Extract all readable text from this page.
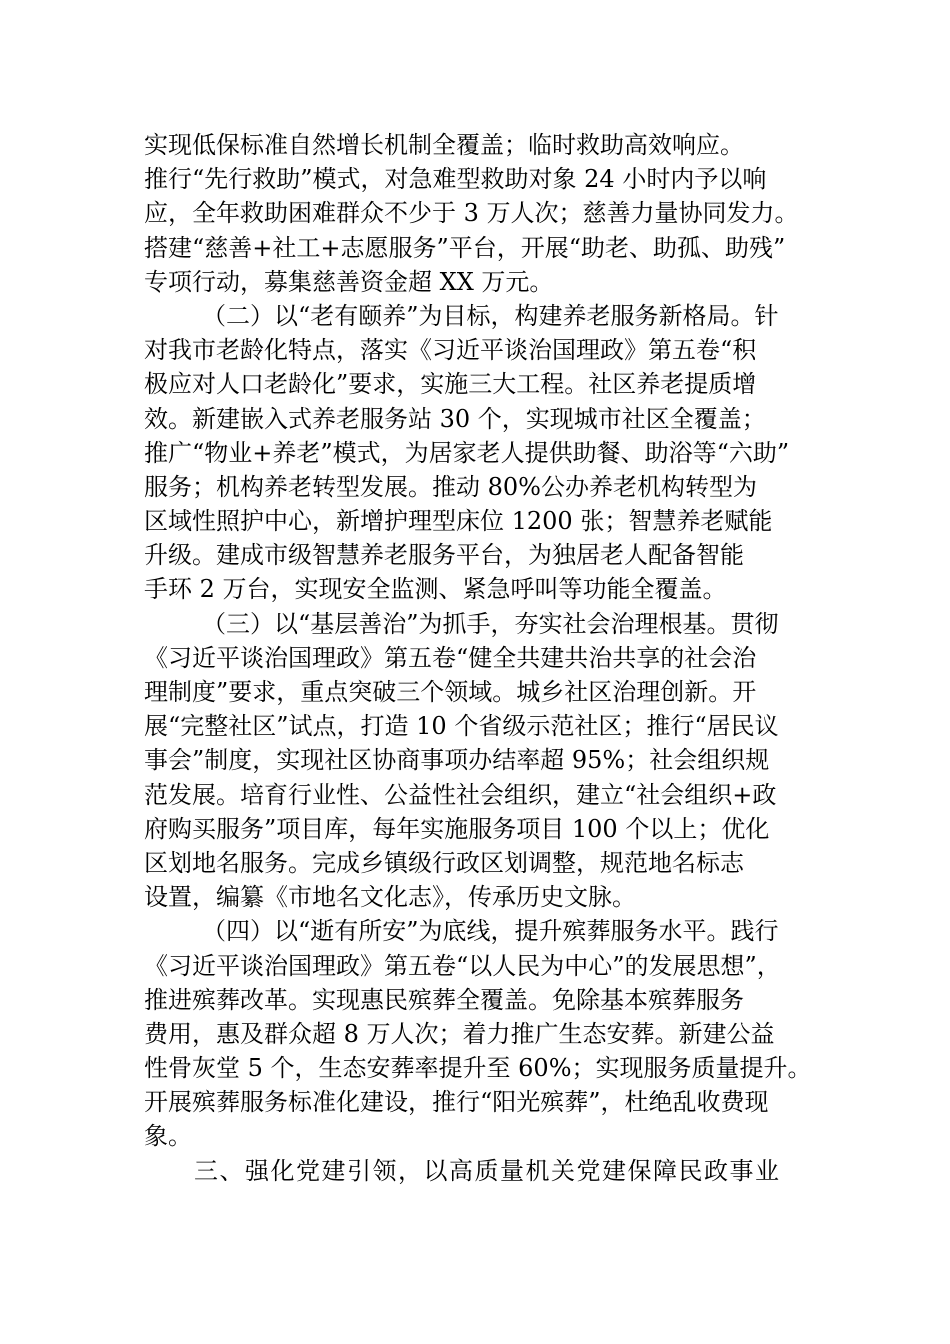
实现低保标准自然增长机制全覆盖；临时救助高效响应。
推行“先行救助”模式，对急难型救助对象 24 小时内予以响
应，全年救助困难群众不少于 3 万人次；慈善力量协同发力。
搭建“慈善+社工+志愿服务”平台，开展“助老、助孤、助残”
专项行动，募集慈善资金超 XX 万元。
（二）以“老有颐养”为目标，构建养老服务新格局。针
对我市老龄化特点，落实《习近平谈治国理政》第五卷“积
极应对人口老龄化”要求，实施三大工程。社区养老提质增
效。新建嵌入式养老服务站 30 个，实现城市社区全覆盖；
推广“物业+养老”模式，为居家老人提供助餐、助浴等“六助”
服务；机构养老转型发展。推动 80%公办养老机构转型为
区域性照护中心，新增护理型床位 1200 张；智慧养老赋能
升级。建成市级智慧养老服务平台，为独居老人配备智能
手环 2 万台，实现安全监测、紧急呼叫等功能全覆盖。
（三）以“基层善治”为抓手，夯实社会治理根基。贯彻
《习近平谈治国理政》第五卷“健全共建共治共享的社会治
理制度”要求，重点突破三个领域。城乡社区治理创新。开
展“完整社区”试点，打造 10 个省级示范社区；推行“居民议
事会”制度，实现社区协商事项办结率超 95%；社会组织规
范发展。培育行业性、公益性社会组织，建立“社会组织+政
府购买服务”项目库，每年实施服务项目 100 个以上；优化
区划地名服务。完成乡镇级行政区划调整，规范地名标志
设置，编纂《市地名文化志》，传承历史文脉。
（四）以“逝有所安”为底线，提升殡葬服务水平。践行
《习近平谈治国理政》第五卷“以人民为中心”的发展思想”，
推进殡葬改革。实现惠民殡葬全覆盖。免除基本殡葬服务
费用，惠及群众超 8 万人次；着力推广生态安葬。新建公益
性骨灰堂 5 个，生态安葬率提升至 60%；实现服务质量提升。
开展殡葬服务标准化建设，推行“阳光殡葬”，杜绝乱收费现
象。
三、强化党建引领，以高质量机关党建保障民政事业
